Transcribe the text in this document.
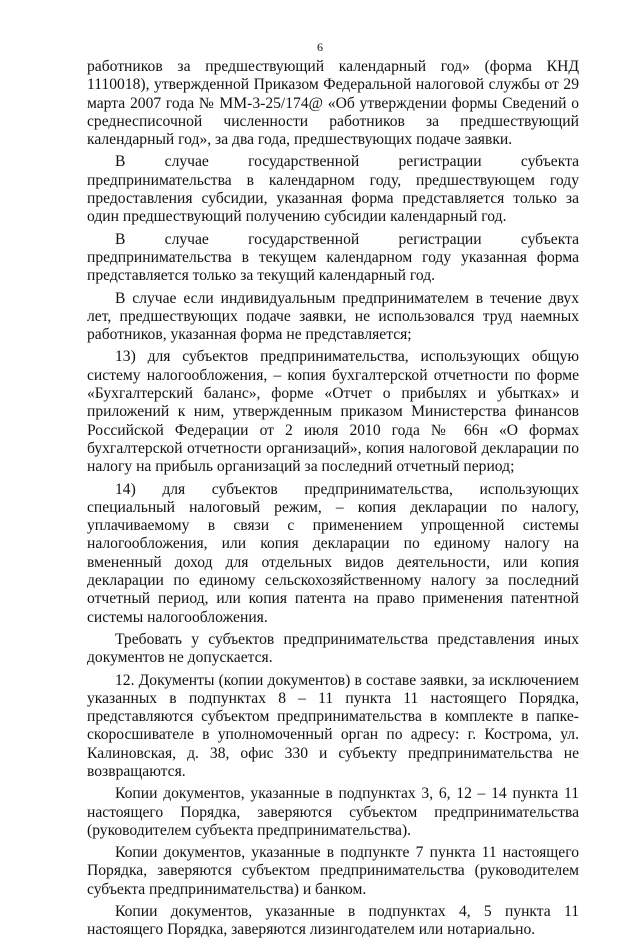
6

работников за предшествующий календарный год» (форма КНД 1110018), утвержденной Приказом Федеральной налоговой службы от 29 марта 2007 года № ММ-3-25/174@ «Об утверждении формы Сведений о среднесписочной численности работников за предшествующий календарный год», за два года, предшествующих подаче заявки.

В случае государственной регистрации субъекта предпринимательства в календарном году, предшествующем году предоставления субсидии, указанная форма представляется только за один предшествующий получению субсидии календарный год.

В случае государственной регистрации субъекта предпринимательства в текущем календарном году указанная форма представляется только за текущий календарный год.

В случае если индивидуальным предпринимателем в течение двух лет, предшествующих подаче заявки, не использовался труд наемных работников, указанная форма не представляется;

13) для субъектов предпринимательства, использующих общую систему налогообложения, – копия бухгалтерской отчетности по форме «Бухгалтерский баланс», форме «Отчет о прибылях и убытках» и приложений к ним, утвержденным приказом Министерства финансов Российской Федерации от 2 июля 2010 года № 66н «О формах бухгалтерской отчетности организаций», копия налоговой декларации по налогу на прибыль организаций за последний отчетный период;

14) для субъектов предпринимательства, использующих специальный налоговый режим, – копия декларации по налогу, уплачиваемому в связи с применением упрощенной системы налогообложения, или копия декларации по единому налогу на вмененный доход для отдельных видов деятельности, или копия декларации по единому сельскохозяйственному налогу за последний отчетный период, или копия патента на право применения патентной системы налогообложения.

Требовать у субъектов предпринимательства представления иных документов не допускается.

12. Документы (копии документов) в составе заявки, за исключением указанных в подпунктах 8 – 11 пункта 11 настоящего Порядка, представляются субъектом предпринимательства в комплекте в папке-скоросшивателе в уполномоченный орган по адресу: г. Кострома, ул. Калиновская, д. 38, офис 330 и субъекту предпринимательства не возвращаются.

Копии документов, указанные в подпунктах 3, 6, 12 – 14 пункта 11 настоящего Порядка, заверяются субъектом предпринимательства (руководителем субъекта предпринимательства).

Копии документов, указанные в подпункте 7 пункта 11 настоящего Порядка, заверяются субъектом предпринимательства (руководителем субъекта предпринимательства) и банком.

Копии документов, указанные в подпунктах 4, 5 пункта 11 настоящего Порядка, заверяются лизингодателем или нотариально.
